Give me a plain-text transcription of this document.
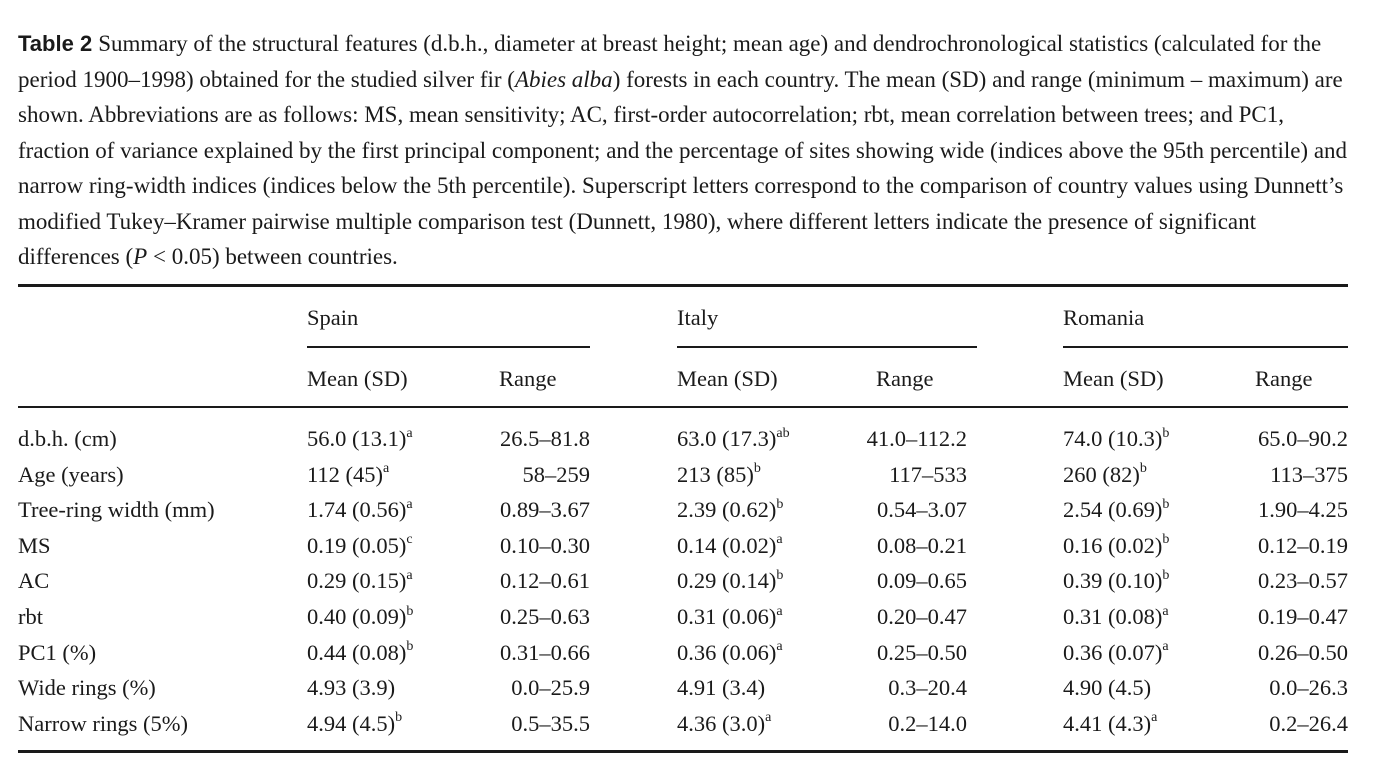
Table 2 Summary of the structural features (d.b.h., diameter at breast height; mean age) and dendrochronological statistics (calculated for the period 1900–1998) obtained for the studied silver fir (Abies alba) forests in each country. The mean (SD) and range (minimum – maximum) are shown. Abbreviations are as follows: MS, mean sensitivity; AC, first-order autocorrelation; rbt, mean correlation between trees; and PC1, fraction of variance explained by the first principal component; and the percentage of sites showing wide (indices above the 95th percentile) and narrow ring-width indices (indices below the 5th percentile). Superscript letters correspond to the comparison of country values using Dunnett’s modified Tukey–Kramer pairwise multiple comparison test (Dunnett, 1980), where different letters indicate the presence of significant differences (P < 0.05) between countries.
Spain	Italy	Romania
Mean (SD)	Range	Mean (SD)	Range	Mean (SD)	Range
d.b.h. (cm)	56.0 $(13.1)^a$	26.5–81.8	63.0 $(17.3)^{ab}$	41.0–112.2	74.0 $(10.3)^b$	65.0–90.2
Age (years)	112 $(45)^a$	58–259	213 $(85)^b$	117–533	260 $(82)^b$	113–375
Tree-ring width (mm)	1.74 $(0.56)^a$	0.89–3.67	2.39 $(0.62)^b$	0.54–3.07	2.54 $(0.69)^b$	1.90–4.25
MS	0.19 $(0.05)^c$	0.10–0.30	0.14 $(0.02)^a$	0.08–0.21	0.16 $(0.02)^b$	0.12–0.19
AC	0.29 $(0.15)^a$	0.12–0.61	0.29 $(0.14)^b$	0.09–0.65	0.39 $(0.10)^b$	0.23–0.57
rbt	0.40 $(0.09)^b$	0.25–0.63	0.31 $(0.06)^a$	0.20–0.47	0.31 $(0.08)^a$	0.19–0.47
PC1 (%)	0.44 $(0.08)^b$	0.31–0.66	0.36 $(0.06)^a$	0.25–0.50	0.36 $(0.07)^a$	0.26–0.50
Wide rings (%)	4.93 (3.9)	0.0–25.9	4.91 (3.4)	0.3–20.4	4.90 (4.5)	0.0–26.3
Narrow rings (5%)	4.94 $(4.5)^b$	0.5–35.5	4.36 $(3.0)^a$	0.2–14.0	4.41 $(4.3)^a$	0.2–26.4
